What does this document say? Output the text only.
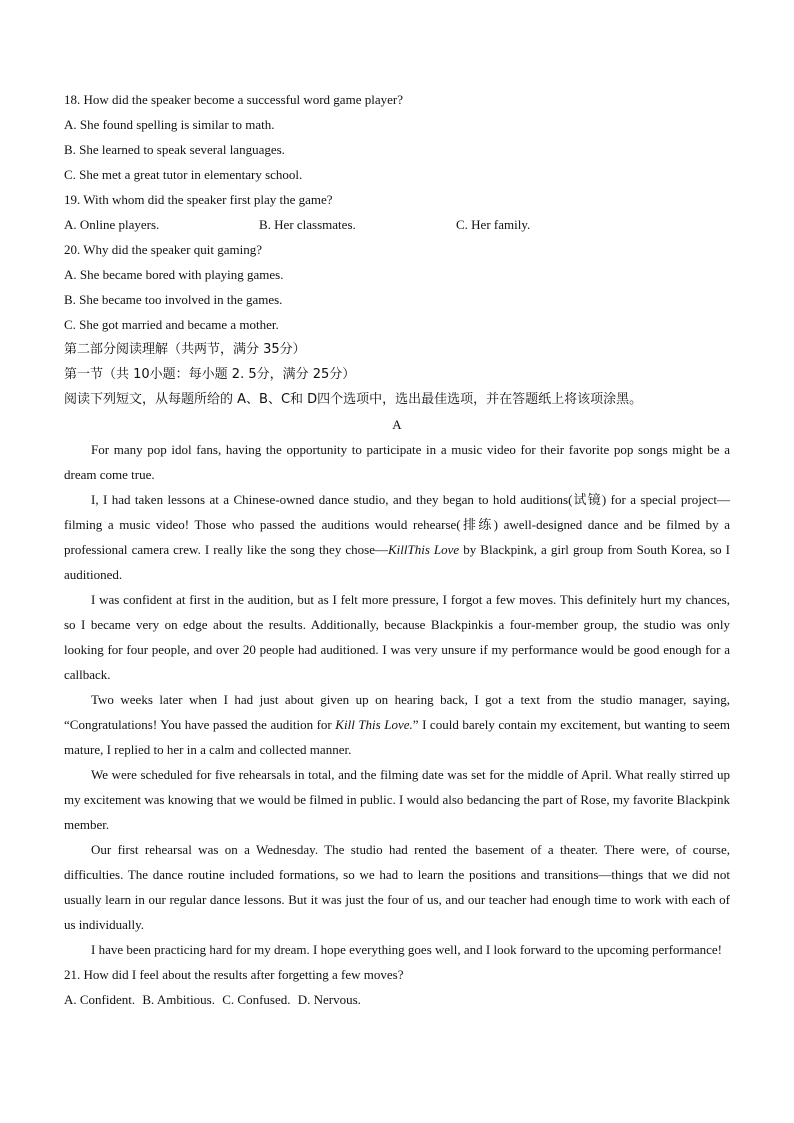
18. How did the speaker become a successful word game player?

A. She found spelling is similar to math.

B. She learned to speak several languages.

C. She met a great tutor in elementary school.

19. With whom did the speaker first play the game?

A. Online players.	B. Her classmates.	C. Her family.

20. Why did the speaker quit gaming?

A. She became bored with playing games.

B. She became too involved in the games.

C. She got married and became a mother.

第二部分阅读理解（共两节，满分 35分）

第一节（共 10小题：每小题 2. 5分，满分 25分）

阅读下列短文，从每题所给的 A、B、C和 D四个选项中，选出最佳选项，并在答题纸上将该项涂黑。

A

For many pop idol fans, having the opportunity to participate in a music video for their favorite pop songs might be a dream come true.

I, I had taken lessons at a Chinese-owned dance studio, and they began to hold auditions(试镜) for a special project—filming a music video! Those who passed the auditions would rehearse(排练) awell-designed dance and be filmed by a professional camera crew. I really like the song they chose—KillThis Love by Blackpink, a girl group from South Korea, so I auditioned.

I was confident at first in the audition, but as I felt more pressure, I forgot a few moves. This definitely hurt my chances, so I became very on edge about the results. Additionally, because Blackpinkis a four-member group, the studio was only looking for four people, and over 20 people had auditioned. I was very unsure if my performance would be good enough for a callback.

Two weeks later when I had just about given up on hearing back, I got a text from the studio manager, saying, “Congratulations! You have passed the audition for Kill This Love.” I could barely contain my excitement, but wanting to seem mature, I replied to her in a calm and collected manner.

We were scheduled for five rehearsals in total, and the filming date was set for the middle of April. What really stirred up my excitement was knowing that we would be filmed in public. I would also bedancing the part of Rose, my favorite Blackpink member.

Our first rehearsal was on a Wednesday. The studio had rented the basement of a theater. There were, of course, difficulties. The dance routine included formations, so we had to learn the positions and transitions—things that we did not usually learn in our regular dance lessons. But it was just the four of us, and our teacher had enough time to work with each of us individually.

I have been practicing hard for my dream. I hope everything goes well, and I look forward to the upcoming performance!

21. How did I feel about the results after forgetting a few moves?

A. Confident. B. Ambitious. C. Confused. D. Nervous.
